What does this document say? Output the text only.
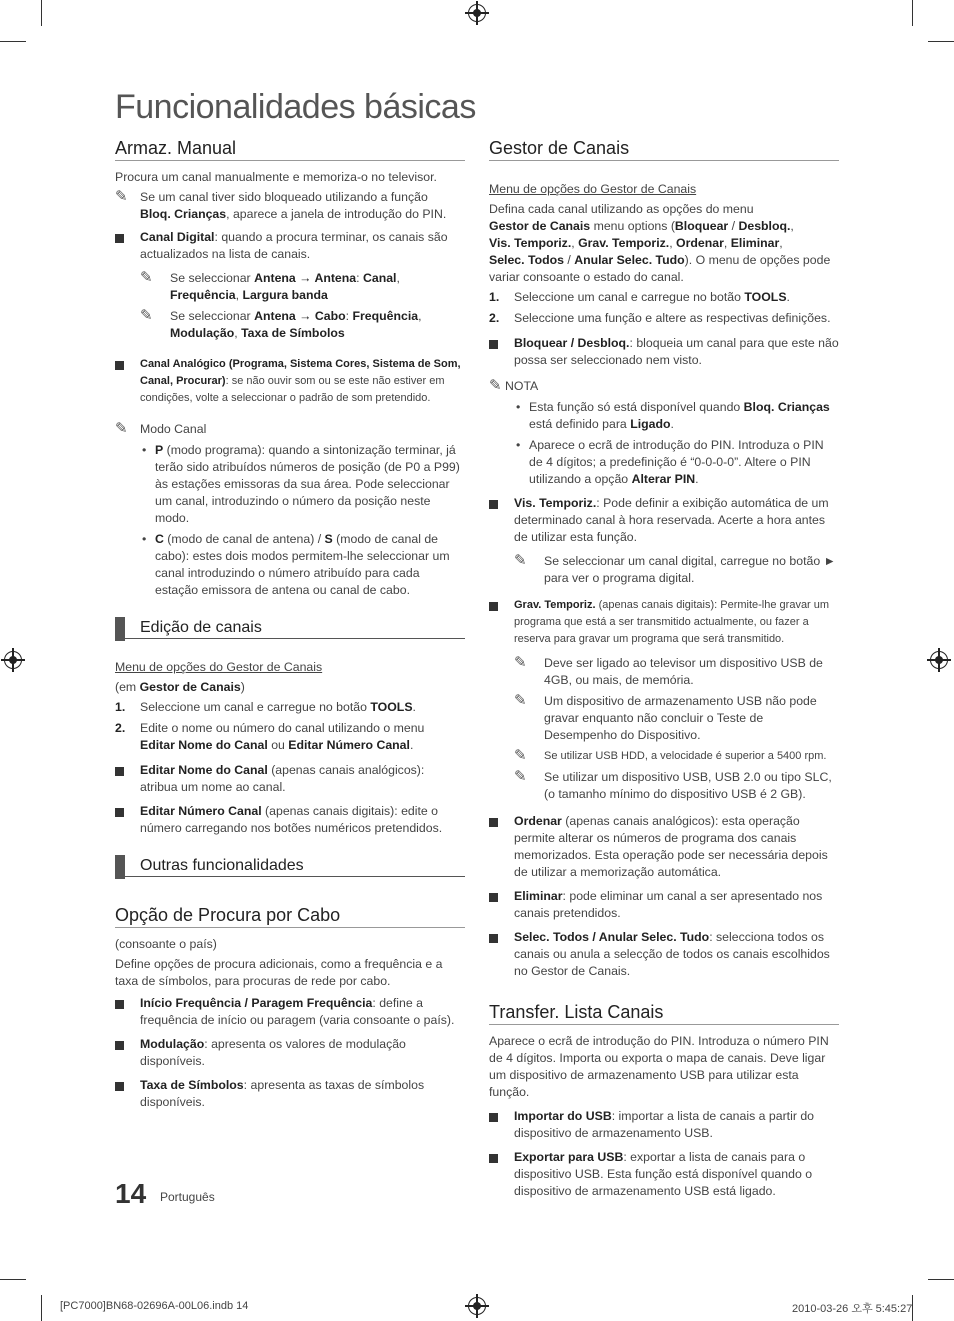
Funcionalidades básicas
Armaz. Manual
Procura um canal manualmente e memoriza-o no televisor.
✎ Se um canal tiver sido bloqueado utilizando a função
Bloq. Crianças, aparece a janela de introdução do PIN.
Canal Digital: quando a procura terminar, os canais são actualizados na lista de canais.
✎ Se seleccionar Antena → Antena: Canal,
Frequência, Largura banda
✎ Se seleccionar Antena → Cabo: Frequência,
Modulação, Taxa de Símbolos
Canal Analógico (Programa, Sistema Cores, Sistema de Som, Canal, Procurar): se não ouvir som ou se este não estiver em condições, volte a seleccionar o padrão de som pretendido.
✎ Modo Canal
• P (modo programa): quando a sintonização terminar, já terão sido atribuídos números de posição (de P0 a P99) às estações emissoras da sua área. Pode seleccionar um canal, introduzindo o número da posição neste modo.
• C (modo de canal de antena) / S (modo de canal de cabo): estes dois modos permitem-lhe seleccionar um canal introduzindo o número atribuído para cada estação emissora de antena ou canal de cabo.
Edição de canais
Menu de opções do Gestor de Canais
(em Gestor de Canais)
1. Seleccione um canal e carregue no botão TOOLS.
2. Edite o nome ou número do canal utilizando o menu
Editar Nome do Canal ou Editar Número Canal.
Editar Nome do Canal (apenas canais analógicos): atribua um nome ao canal.
Editar Número Canal (apenas canais digitais): edite o número carregando nos botões numéricos pretendidos.
Outras funcionalidades
Opção de Procura por Cabo
(consoante o país)
Define opções de procura adicionais, como a frequência e a taxa de símbolos, para procuras de rede por cabo.
Início Frequência / Paragem Frequência: define a frequência de início ou paragem (varia consoante o país).
Modulação: apresenta os valores de modulação disponíveis.
Taxa de Símbolos: apresenta as taxas de símbolos disponíveis.
Gestor de Canais
Menu de opções do Gestor de Canais
Defina cada canal utilizando as opções do menu
Gestor de Canais menu options (Bloquear / Desbloq.,
Vis. Temporiz., Grav. Temporiz., Ordenar, Eliminar,
Selec. Todos / Anular Selec. Tudo). O menu de opções pode variar consoante o estado do canal.
1. Seleccione um canal e carregue no botão TOOLS.
2. Seleccione uma função e altere as respectivas definições.
Bloquear / Desbloq.: bloqueia um canal para que este não possa ser seleccionado nem visto.
✎ NOTA
• Esta função só está disponível quando Bloq. Crianças está definido para Ligado.
• Aparece o ecrã de introdução do PIN. Introduza o PIN de 4 dígitos; a predefinição é “0-0-0-0”. Altere o PIN utilizando a opção Alterar PIN.
Vis. Temporiz.: Pode definir a exibição automática de um determinado canal à hora reservada. Acerte a hora antes de utilizar esta função.
✎ Se seleccionar um canal digital, carregue no botão ► para ver o programa digital.
Grav. Temporiz. (apenas canais digitais): Permite-lhe gravar um programa que está a ser transmitido actualmente, ou fazer a reserva para gravar um programa que será transmitido.
✎ Deve ser ligado ao televisor um dispositivo USB de 4GB, ou mais, de memória.
✎ Um dispositivo de armazenamento USB não pode gravar enquanto não concluir o Teste de Desempenho do Dispositivo.
✎ Se utilizar USB HDD, a velocidade é superior a 5400 rpm.
✎ Se utilizar um dispositivo USB, USB 2.0 ou tipo SLC, (o tamanho mínimo do dispositivo USB é 2 GB).
Ordenar (apenas canais analógicos): esta operação permite alterar os números de programa dos canais memorizados. Esta operação pode ser necessária depois de utilizar a memorização automática.
Eliminar: pode eliminar um canal a ser apresentado nos canais pretendidos.
Selec. Todos / Anular Selec. Tudo: selecciona todos os canais ou anula a selecção de todos os canais escolhidos no Gestor de Canais.
Transfer. Lista Canais
Aparece o ecrã de introdução do PIN. Introduza o número PIN de 4 dígitos. Importa ou exporta o mapa de canais. Deve ligar um dispositivo de armazenamento USB para utilizar esta função.
Importar do USB: importar a lista de canais a partir do dispositivo de armazenamento USB.
Exportar para USB: exportar a lista de canais para o dispositivo USB. Esta função está disponível quando o dispositivo de armazenamento USB está ligado.
14 Português
[PC7000]BN68-02696A-00L06.indb 14	2010-03-26 오후 5:45:27
